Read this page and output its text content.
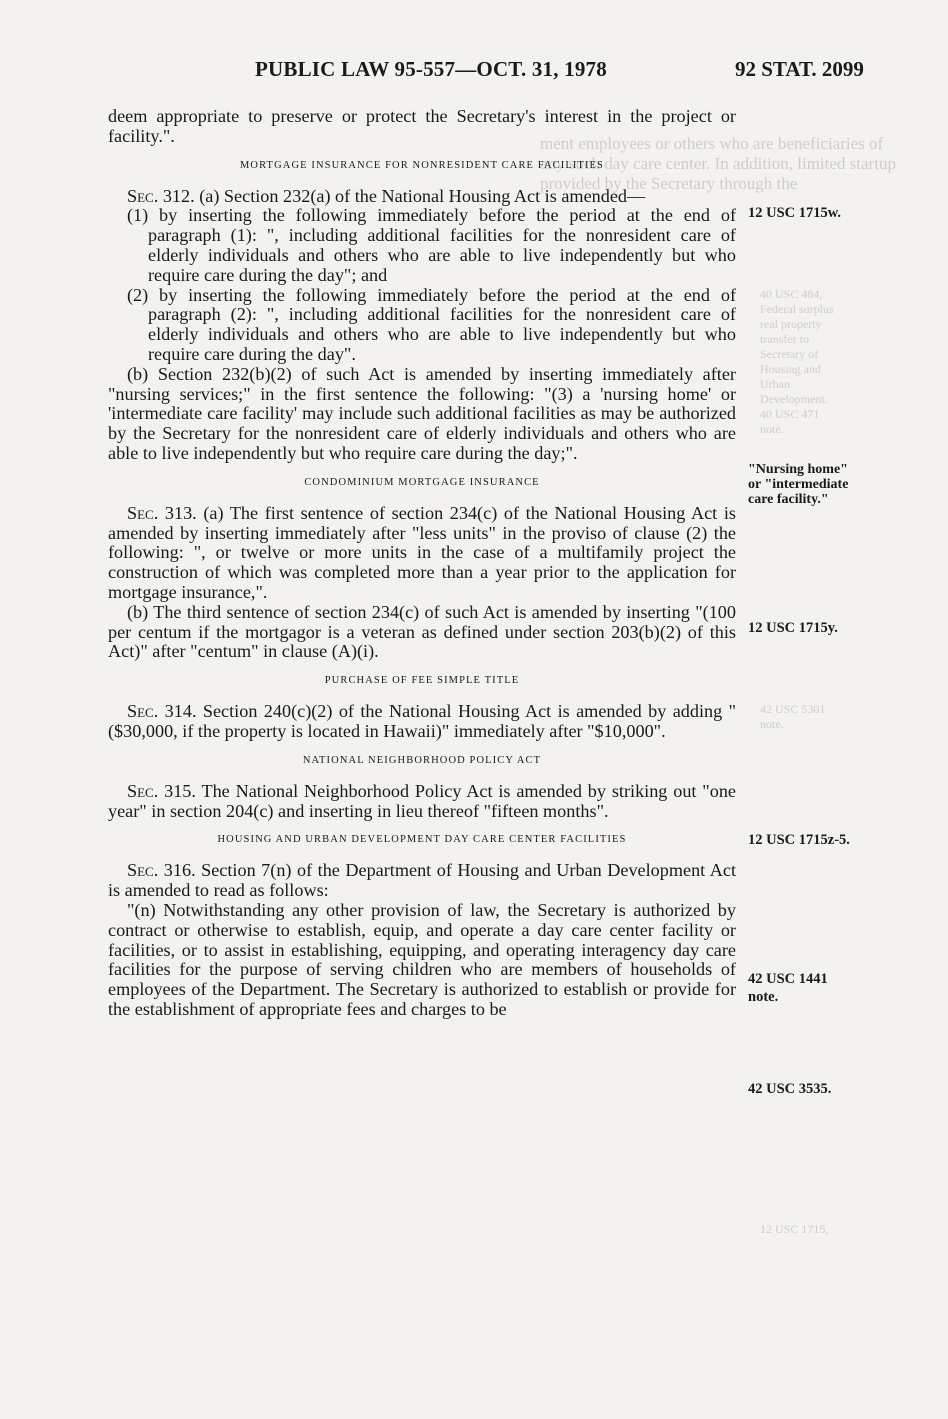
ment employees or others who are beneficiaries of
any such day care center. In addition, limited startup
provided by the Secretary through the
40 USC 484,
Federal surplus
real property
transfer to
Secretary of
Housing and
Urban
Development.
40 USC 471
note.
42 USC 5301
note.
12 USC 1715,
PUBLIC LAW 95-557—OCT. 31, 1978	92 STAT. 2099

deem appropriate to preserve or protect the Secretary's interest in the project or facility.".

MORTGAGE INSURANCE FOR NONRESIDENT CARE FACILITIES

Sec. 312. (a) Section 232(a) of the National Housing Act is amended—

(1) by inserting the following immediately before the period at the end of paragraph (1): ", including additional facilities for the nonresident care of elderly individuals and others who are able to live independently but who require care during the day"; and

(2) by inserting the following immediately before the period at the end of paragraph (2): ", including additional facilities for the nonresident care of elderly individuals and others who are able to live independently but who require care during the day".

(b) Section 232(b)(2) of such Act is amended by inserting immediately after "nursing services;" in the first sentence the following: "(3) a 'nursing home' or 'intermediate care facility' may include such additional facilities as may be authorized by the Secretary for the nonresident care of elderly individuals and others who are able to live independently but who require care during the day;".

CONDOMINIUM MORTGAGE INSURANCE

Sec. 313. (a) The first sentence of section 234(c) of the National Housing Act is amended by inserting immediately after "less units" in the proviso of clause (2) the following: ", or twelve or more units in the case of a multifamily project the construction of which was completed more than a year prior to the application for mortgage insurance,".

(b) The third sentence of section 234(c) of such Act is amended by inserting "(100 per centum if the mortgagor is a veteran as defined under section 203(b)(2) of this Act)" after "centum" in clause (A)(i).

PURCHASE OF FEE SIMPLE TITLE

Sec. 314. Section 240(c)(2) of the National Housing Act is amended by adding "($30,000, if the property is located in Hawaii)" immediately after "$10,000".

NATIONAL NEIGHBORHOOD POLICY ACT

Sec. 315. The National Neighborhood Policy Act is amended by striking out "one year" in section 204(c) and inserting in lieu thereof "fifteen months".

HOUSING AND URBAN DEVELOPMENT DAY CARE CENTER FACILITIES

Sec. 316. Section 7(n) of the Department of Housing and Urban Development Act is amended to read as follows:

"(n) Notwithstanding any other provision of law, the Secretary is authorized by contract or otherwise to establish, equip, and operate a day care center facility or facilities, or to assist in establishing, equipping, and operating interagency day care facilities for the purpose of serving children who are members of households of employees of the Department. The Secretary is authorized to establish or provide for the establishment of appropriate fees and charges to be

12 USC 1715w.
"Nursing home"
or "intermediate
care facility."
12 USC 1715y.
12 USC 1715z-5.
42 USC 1441
note.
42 USC 3535.
